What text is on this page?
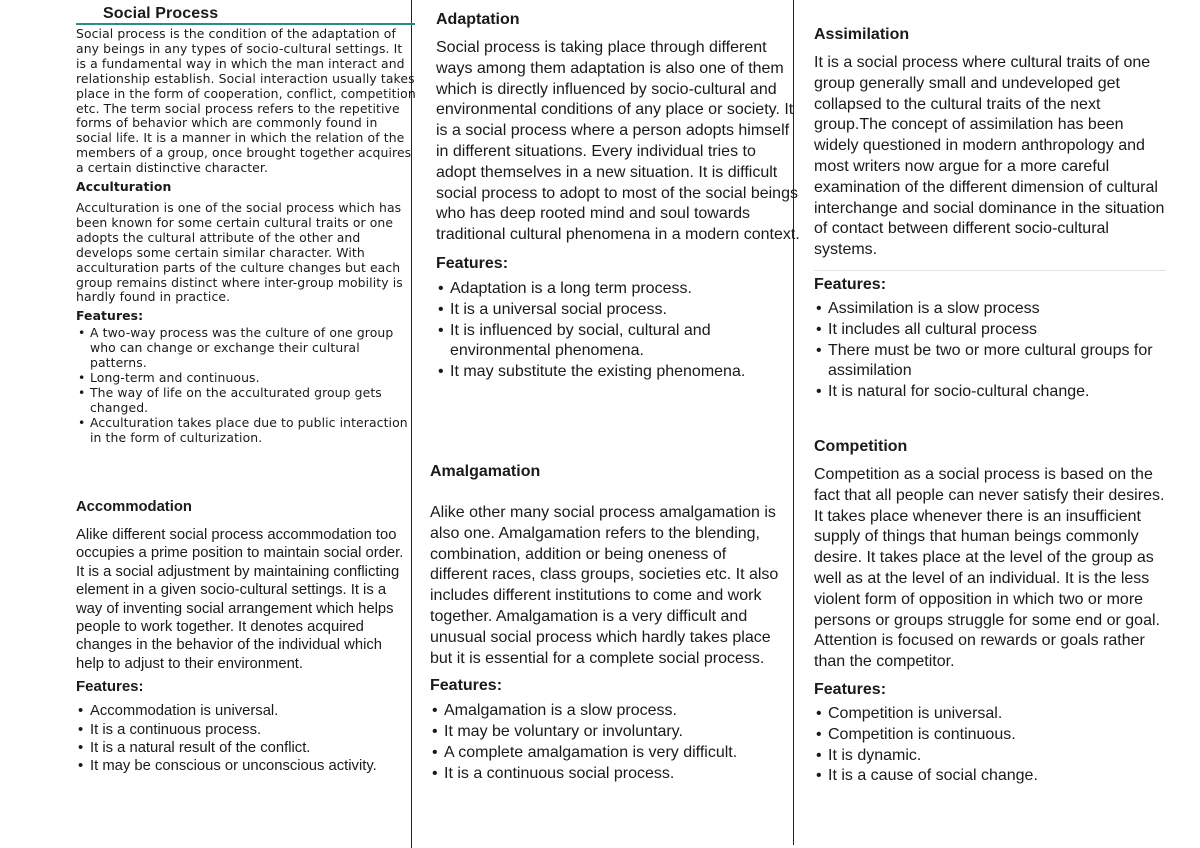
Social Process

Social process is the condition of the adaptation of any beings in any types of socio-cultural settings. It is a fundamental way in which the man interact and relationship establish. Social interaction usually takes place in the form of cooperation, conflict, competition etc. The term social process refers to the repetitive forms of behavior which are commonly found in social life. It is a manner in which the relation of the members of a group, once brought together acquires a certain distinctive character.

Acculturation

Acculturation is one of the social process which has been known for some certain cultural traits or one adopts the cultural attribute of the other and develops some certain similar character. With acculturation parts of the culture changes but each group remains distinct where inter-group mobility is hardly found in practice.

Features:
• A two-way process was the culture of one group who can change or exchange their cultural patterns.
• Long-term and continuous.
• The way of life on the acculturated group gets changed.
• Acculturation takes place due to public interaction in the form of culturization.
Accommodation

Alike different social process accommodation too occupies a prime position to maintain social order. It is a social adjustment by maintaining conflicting element in a given socio-cultural settings. It is a way of inventing social arrangement which helps people to work together. It denotes acquired changes in the behavior of the individual which help to adjust to their environment.

Features:
• Accommodation is universal.
• It is a continuous process.
• It is a natural result of the conflict.
• It may be conscious or unconscious activity.
Adaptation

Social process is taking place through different ways among them adaptation is also one of them which is directly influenced by socio-cultural and environmental conditions of any place or society. It is a social process where a person adopts himself in different situations. Every individual tries to adopt themselves in a new situation. It is difficult social process to adopt to most of the social beings who has deep rooted mind and soul towards traditional cultural phenomena in a modern context.

Features:
• Adaptation is a long term process.
• It is a universal social process.
• It is influenced by social, cultural and environmental phenomena.
• It may substitute the existing phenomena.
Amalgamation

Alike other many social process amalgamation is also one. Amalgamation refers to the blending, combination, addition or being oneness of different races, class groups, societies etc. It also includes different institutions to come and work together. Amalgamation is a very difficult and unusual social process which hardly takes place but it is essential for a complete social process.

Features:
• Amalgamation is a slow process.
• It may be voluntary or involuntary.
• A complete amalgamation is very difficult.
• It is a continuous social process.
Assimilation

It is a social process where cultural traits of one group generally small and undeveloped get collapsed to the cultural traits of the next group.The concept of assimilation has been widely questioned in modern anthropology and most writers now argue for a more careful examination of the different dimension of cultural interchange and social dominance in the situation of contact between different socio-cultural systems.

Features:
• Assimilation is a slow process
• It includes all cultural process
• There must be two or more cultural groups for assimilation
• It is natural for socio-cultural change.
Competition

Competition as a social process is based on the fact that all people can never satisfy their desires. It takes place whenever there is an insufficient supply of things that human beings commonly desire. It takes place at the level of the group as well as at the level of an individual. It is the less violent form of opposition in which two or more persons or groups struggle for some end or goal. Attention is focused on rewards or goals rather than the competitor.

Features:
• Competition is universal.
• Competition is continuous.
• It is dynamic.
• It is a cause of social change.
